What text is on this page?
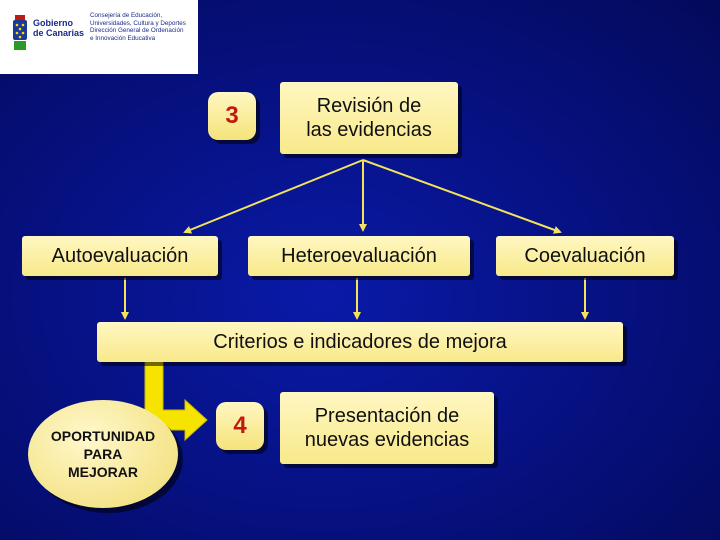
Gobierno
de Canarias
Consejería de Educación,
Universidades, Cultura y Deportes
Dirección General de Ordenación
e Innovación Educativa
3	Revisión de
las evidencias
Autoevaluación	Heteroevaluación	Coevaluación
Criterios e indicadores de mejora
OPORTUNIDAD
PARA
MEJORAR
4	Presentación de
nuevas evidencias
